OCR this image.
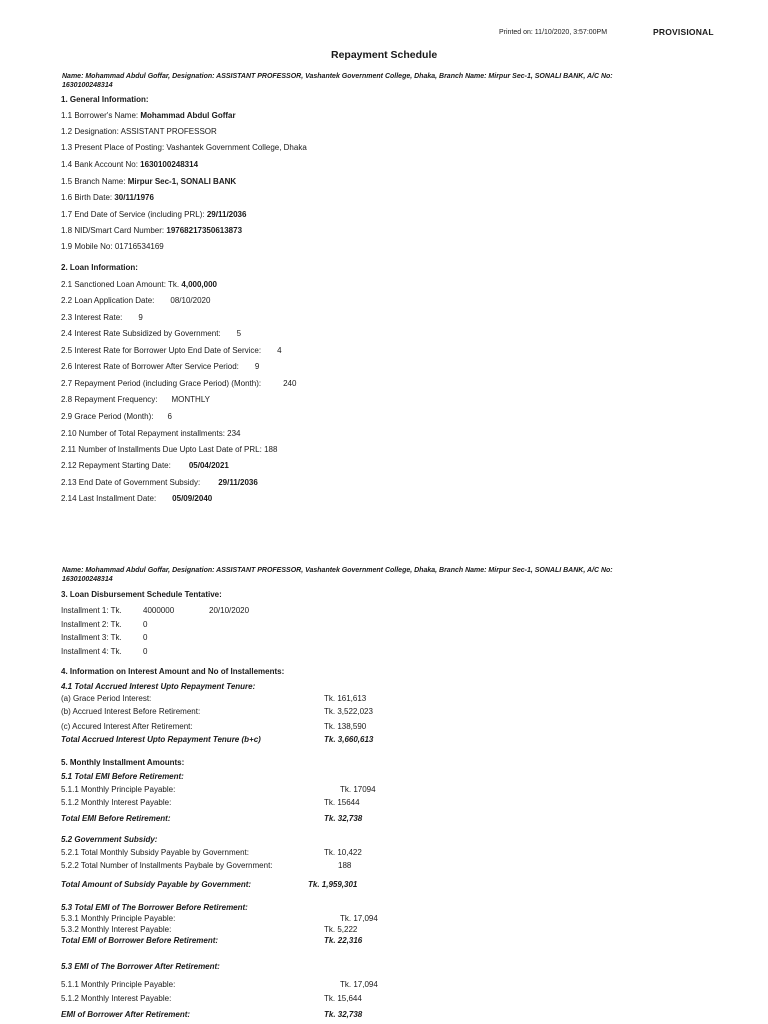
Printed on: 11/10/2020, 3:57:00PM	PROVISIONAL
Repayment Schedule
Name: Mohammad Abdul Goffar, Designation: ASSISTANT PROFESSOR, Vashantek Government College, Dhaka, Branch Name: Mirpur Sec-1, SONALI BANK, A/C No: 1630100248314
1. General Information:
1.1 Borrower's Name: Mohammad Abdul Goffar
1.2 Designation: ASSISTANT PROFESSOR
1.3 Present Place of Posting: Vashantek Government College, Dhaka
1.4 Bank Account No: 1630100248314
1.5 Branch Name: Mirpur Sec-1, SONALI BANK
1.6 Birth Date: 30/11/1976
1.7 End Date of Service (including PRL): 29/11/2036
1.8 NID/Smart Card Number: 19768217350613873
1.9 Mobile No: 01716534169
2. Loan Information:
2.1 Sanctioned Loan Amount: Tk. 4,000,000
2.2 Loan Application Date: 08/10/2020
2.3 Interest Rate: 9
2.4 Interest Rate Subsidized by Government: 5
2.5 Interest Rate for Borrower Upto End Date of Service: 4
2.6 Interest Rate of Borrower After Service Period: 9
2.7 Repayment Period (including Grace Period) (Month):	240
2.8 Repayment Frequency: MONTHLY
2.9 Grace Period (Month): 6
2.10 Number of Total Repayment installments: 234
2.11 Number of Installments Due Upto Last Date of PRL: 188
2.12 Repayment Starting Date: 05/04/2021
2.13 End Date of Government Subsidy: 29/11/2036
2.14 Last Installment Date: 05/09/2040
Name: Mohammad Abdul Goffar, Designation: ASSISTANT PROFESSOR, Vashantek Government College, Dhaka, Branch Name: Mirpur Sec-1, SONALI BANK, A/C No: 1630100248314
3. Loan Disbursement Schedule Tentative:
Installment 1: Tk.	4000000	20/10/2020
Installment 2: Tk.	0
Installment 3: Tk.	0
Installment 4: Tk.	0
4. Information on Interest Amount and No of Installements:
4.1 Total Accrued Interest Upto Repayment Tenure:
(a) Grace Period Interest:	Tk. 161,613
(b) Accrued Interest Before Retirement:	Tk. 3,522,023
(c) Accured Interest After Retirement:	Tk. 138,590
Total Accrued Interest Upto Repayment Tenure (b+c)	Tk. 3,660,613
5. Monthly Installment Amounts:
5.1 Total EMI Before Retirement:
5.1.1 Monthly Principle Payable:	Tk. 17094
5.1.2 Monthly Interest Payable:	Tk. 15644
Total EMI Before Retirement:	Tk. 32,738
5.2 Government Subsidy:
5.2.1 Total Monthly Subsidy Payable by Government:	Tk. 10,422
5.2.2 Total Number of Installments Paybale by Government:	188
Total Amount of Subsidy Payable by Government:	Tk. 1,959,301
5.3 Total EMI of The Borrower Before Retirement:
5.3.1 Monthly Principle Payable:	Tk. 17,094
5.3.2 Monthly Interest Payable:	Tk. 5,222
Total EMI of Borrower Before Retirement:	Tk. 22,316
5.3 EMI of The Borrower After Retirement:
5.1.1 Monthly Principle Payable:	Tk. 17,094
5.1.2 Monthly Interest Payable:	Tk. 15,644
EMI of Borrower After Retirement:	Tk. 32,738
